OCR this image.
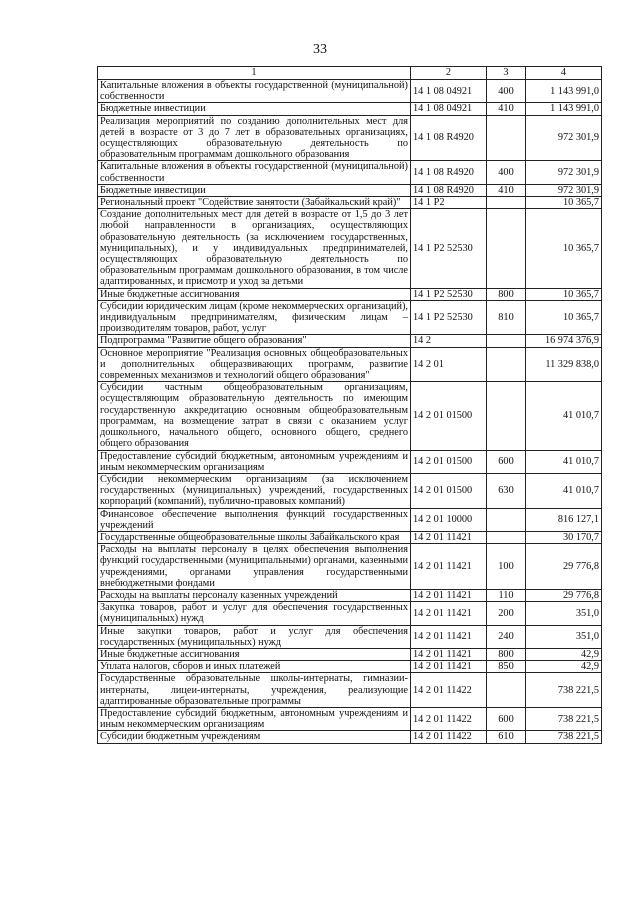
33
1	2	3	4
Капитальные вложения в объекты государственной (муниципальной) собственности	14 1 08 04921	400	1 143 991,0
Бюджетные инвестиции	14 1 08 04921	410	1 143 991,0
Реализация мероприятий по созданию дополнительных мест для детей в возрасте от 3 до 7 лет в образовательных организациях, осуществляющих образовательную деятельность по образовательным программам дошкольного образования	14 1 08 R4920		972 301,9
Капитальные вложения в объекты государственной (муниципальной) собственности	14 1 08 R4920	400	972 301,9
Бюджетные инвестиции	14 1 08 R4920	410	972 301,9
Региональный проект "Содействие занятости (Забайкальский край)"	14 1 P2		10 365,7
Создание дополнительных мест для детей в возрасте от 1,5 до 3 лет любой направленности в организациях, осуществляющих образовательную деятельность (за исключением государственных, муниципальных), и у индивидуальных предпринимателей, осуществляющих образовательную деятельность по образовательным программам дошкольного образования, в том числе адаптированных, и присмотр и уход за детьми	14 1 P2 52530		10 365,7
Иные бюджетные ассигнования	14 1 P2 52530	800	10 365,7
Субсидии юридическим лицам (кроме некоммерческих организаций), индивидуальным предпринимателям, физическим лицам – производителям товаров, работ, услуг	14 1 P2 52530	810	10 365,7
Подпрограмма "Развитие общего образования"	14 2		16 974 376,9
Основное мероприятие "Реализация основных общеобразовательных и дополнительных общеразвивающих программ, развитие современных механизмов и технологий общего образования"	14 2 01		11 329 838,0
Субсидии частным общеобразовательным организациям, осуществляющим образовательную деятельность по имеющим государственную аккредитацию основным общеобразовательным программам, на возмещение затрат в связи с оказанием услуг дошкольного, начального общего, основного общего, среднего общего образования	14 2 01 01500		41 010,7
Предоставление субсидий бюджетным, автономным учреждениям и иным некоммерческим организациям	14 2 01 01500	600	41 010,7
Субсидии некоммерческим организациям (за исключением государственных (муниципальных) учреждений, государственных корпораций (компаний), публично-правовых компаний)	14 2 01 01500	630	41 010,7
Финансовое обеспечение выполнения функций государственных учреждений	14 2 01 10000		816 127,1
Государственные общеобразовательные школы Забайкальского края	14 2 01 11421		30 170,7
Расходы на выплаты персоналу в целях обеспечения выполнения функций государственными (муниципальными) органами, казенными учреждениями, органами управления государственными внебюджетными фондами	14 2 01 11421	100	29 776,8
Расходы на выплаты персоналу казенных учреждений	14 2 01 11421	110	29 776,8
Закупка товаров, работ и услуг для обеспечения государственных (муниципальных) нужд	14 2 01 11421	200	351,0
Иные закупки товаров, работ и услуг для обеспечения государственных (муниципальных) нужд	14 2 01 11421	240	351,0
Иные бюджетные ассигнования	14 2 01 11421	800	42,9
Уплата налогов, сборов и иных платежей	14 2 01 11421	850	42,9
Государственные образовательные школы-интернаты, гимназии-интернаты, лицеи-интернаты, учреждения, реализующие адаптированные образовательные программы	14 2 01 11422		738 221,5
Предоставление субсидий бюджетным, автономным учреждениям и иным некоммерческим организациям	14 2 01 11422	600	738 221,5
Субсидии бюджетным учреждениям	14 2 01 11422	610	738 221,5
